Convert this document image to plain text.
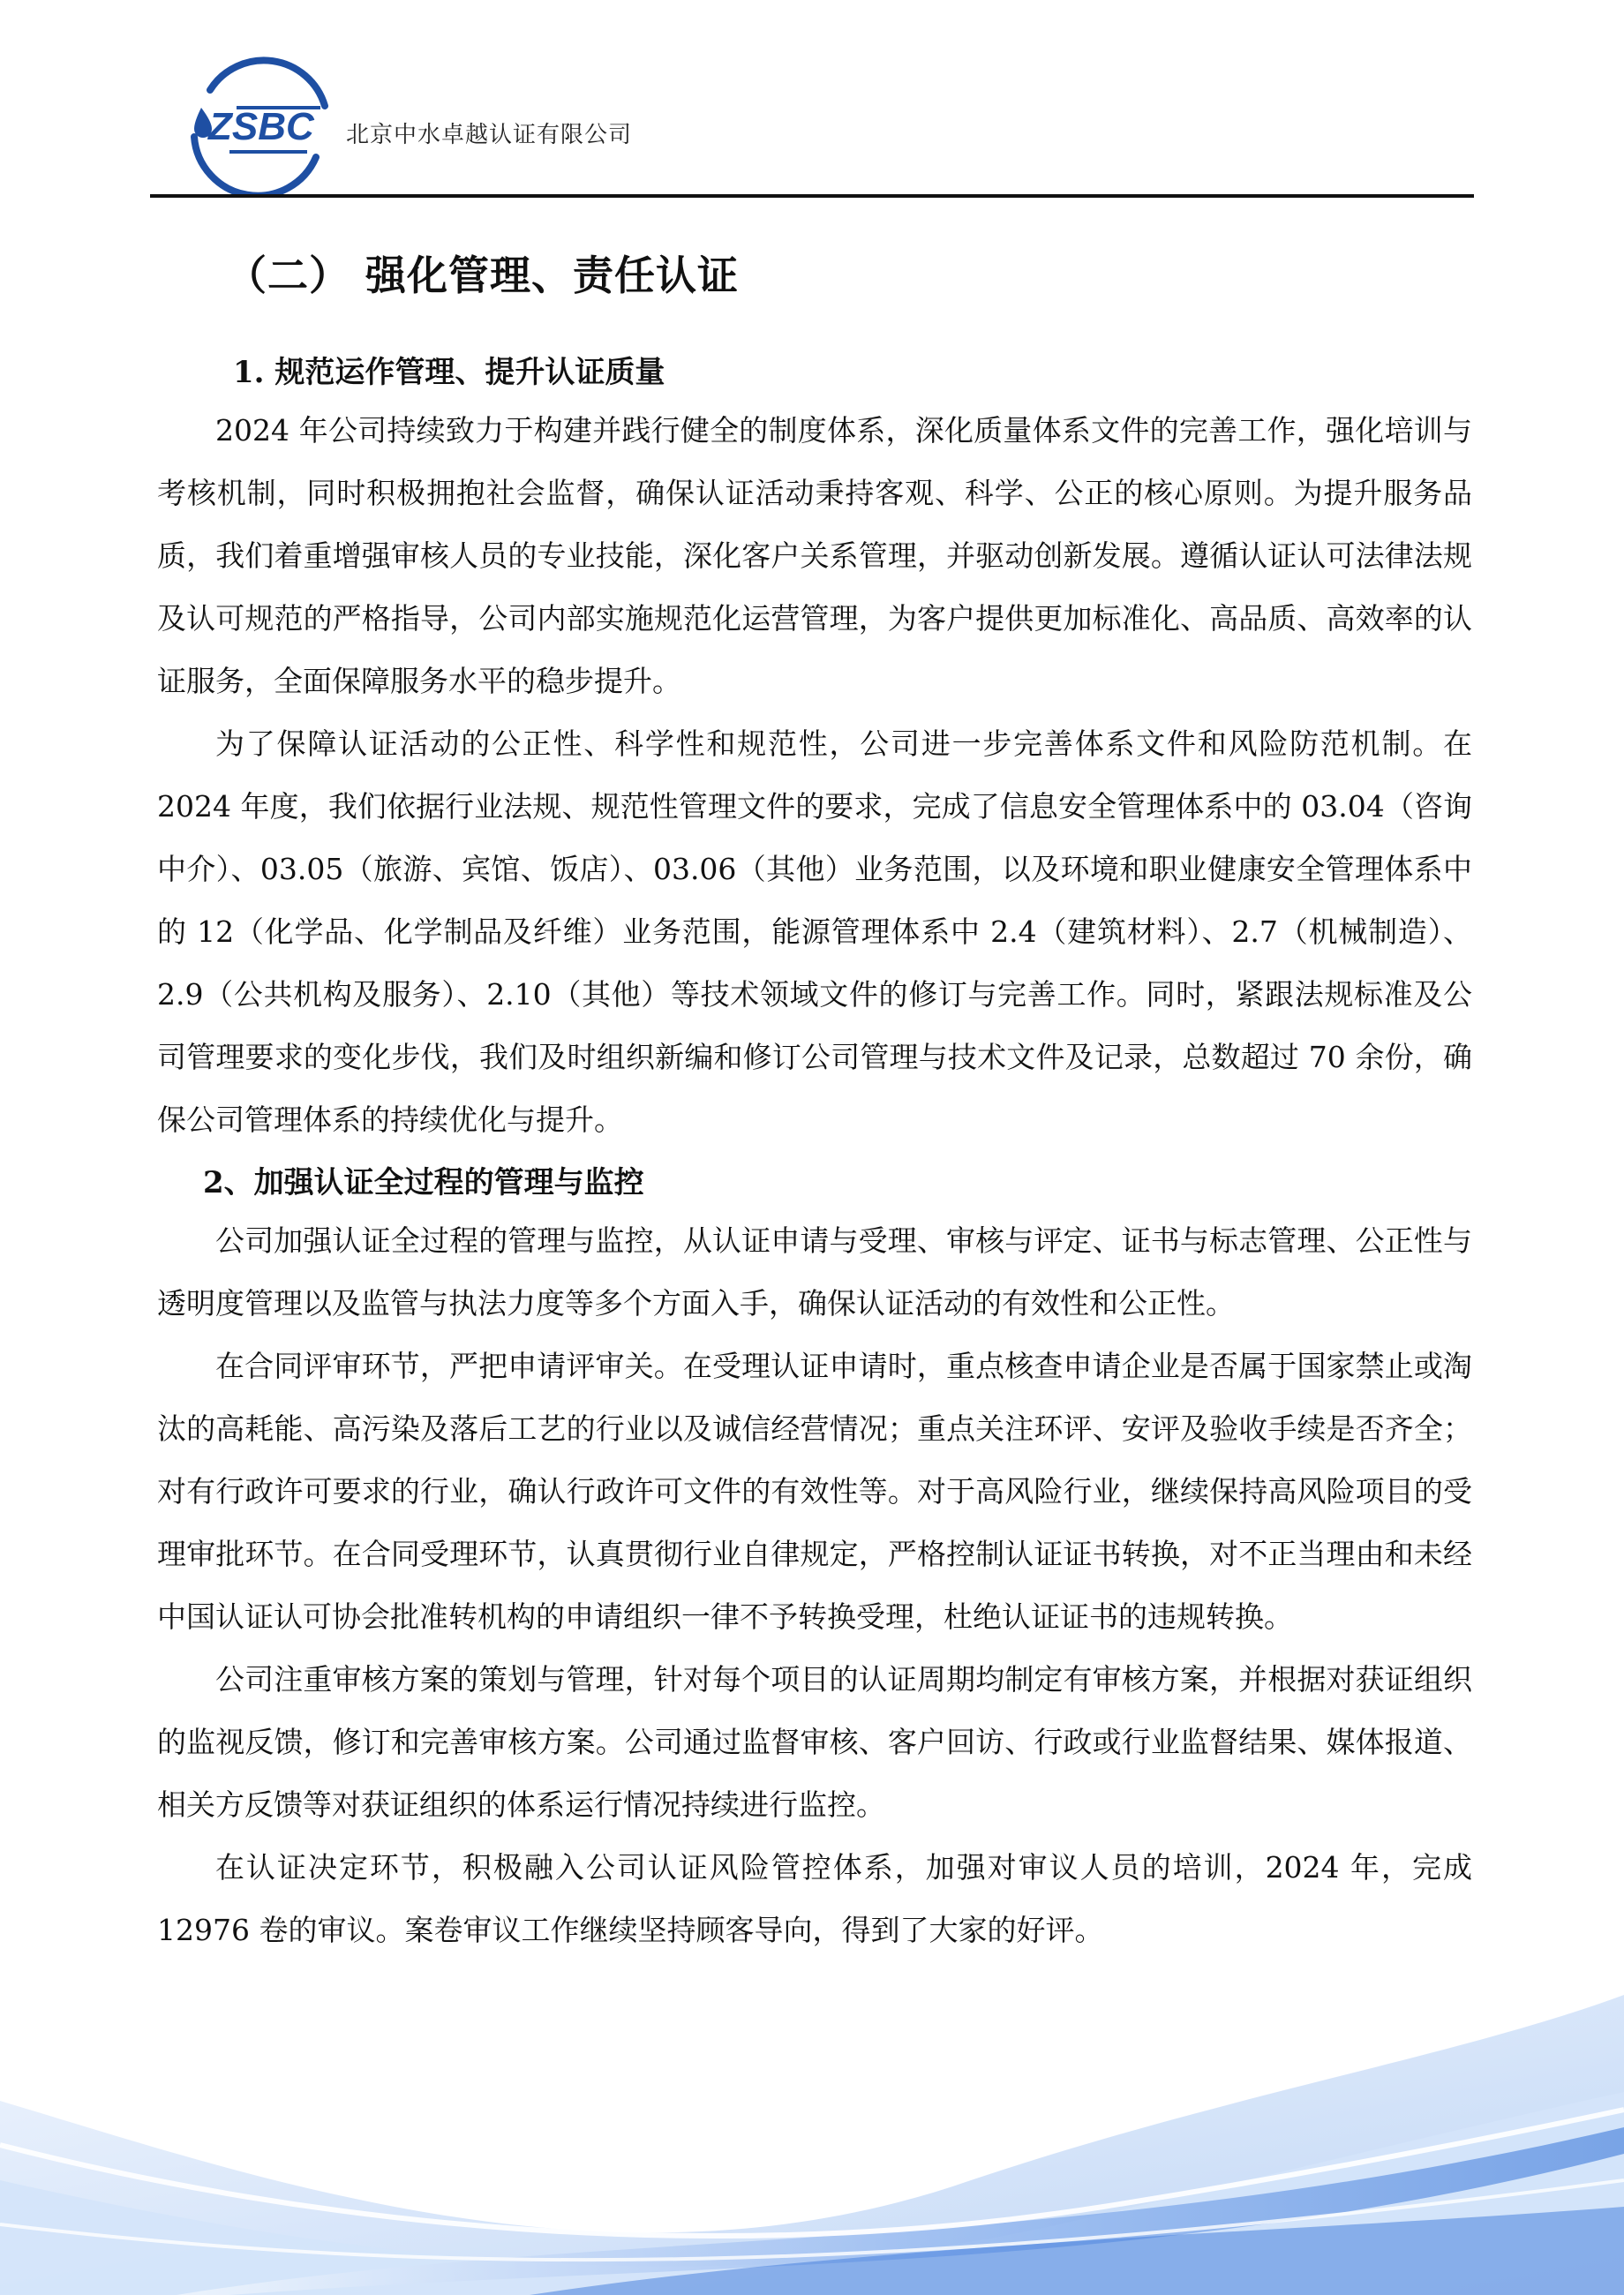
ZSBC 北京中水卓越认证有限公司
（二） 强化管理、责任认证
1. 规范运作管理、提升认证质量

2024 年公司持续致力于构建并践行健全的制度体系，深化质量体系文件的完善工作，强化培训与考核机制，同时积极拥抱社会监督，确保认证活动秉持客观、科学、公正的核心原则。为提升服务品质，我们着重增强审核人员的专业技能，深化客户关系管理，并驱动创新发展。遵循认证认可法律法规及认可规范的严格指导，公司内部实施规范化运营管理，为客户提供更加标准化、高品质、高效率的认证服务，全面保障服务水平的稳步提升。

为了保障认证活动的公正性、科学性和规范性，公司进一步完善体系文件和风险防范机制。在 2024 年度，我们依据行业法规、规范性管理文件的要求，完成了信息安全管理体系中的 03.04（咨询中介）、03.05（旅游、宾馆、饭店）、03.06（其他）业务范围，以及环境和职业健康安全管理体系中的 12（化学品、化学制品及纤维）业务范围，能源管理体系中 2.4（建筑材料）、2.7（机械制造）、2.9（公共机构及服务）、2.10（其他）等技术领域文件的修订与完善工作。同时，紧跟法规标准及公司管理要求的变化步伐，我们及时组织新编和修订公司管理与技术文件及记录，总数超过 70 余份，确保公司管理体系的持续优化与提升。

2、加强认证全过程的管理与监控

公司加强认证全过程的管理与监控，从认证申请与受理、审核与评定、证书与标志管理、公正性与透明度管理以及监管与执法力度等多个方面入手，确保认证活动的有效性和公正性。

在合同评审环节，严把申请评审关。在受理认证申请时，重点核查申请企业是否属于国家禁止或淘汰的高耗能、高污染及落后工艺的行业以及诚信经营情况；重点关注环评、安评及验收手续是否齐全；对有行政许可要求的行业，确认行政许可文件的有效性等。对于高风险行业，继续保持高风险项目的受理审批环节。在合同受理环节，认真贯彻行业自律规定，严格控制认证证书转换，对不正当理由和未经中国认证认可协会批准转机构的申请组织一律不予转换受理，杜绝认证证书的违规转换。

公司注重审核方案的策划与管理，针对每个项目的认证周期均制定有审核方案，并根据对获证组织的监视反馈，修订和完善审核方案。公司通过监督审核、客户回访、行政或行业监督结果、媒体报道、相关方反馈等对获证组织的体系运行情况持续进行监控。

在认证决定环节，积极融入公司认证风险管控体系，加强对审议人员的培训，2024 年，完成 12976 卷的审议。案卷审议工作继续坚持顾客导向，得到了大家的好评。
